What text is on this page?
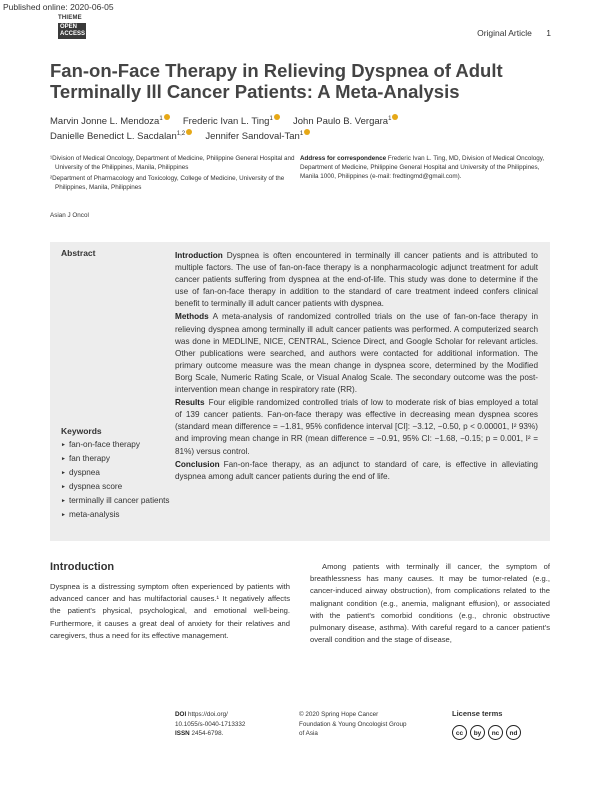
Published online: 2020-06-05
THIEME
OPEN
ACCESS	Original Article 1
Fan-on-Face Therapy in Relieving Dyspnea of Adult Terminally Ill Cancer Patients: A Meta-Analysis
Marvin Jonne L. Mendoza$^1$ Frederic Ivan L. Ting$^1$ John Paulo B. Vergara$^1$
Danielle Benedict L. Sacdalan$^{1,2}$ Jennifer Sandoval-Tan$^1$

¹Division of Medical Oncology, Department of Medicine, Philippine General Hospital and University of the Philippines, Manila, Philippines

²Department of Pharmacology and Toxicology, College of Medicine, University of the Philippines, Manila, Philippines

Address for correspondence Frederic Ivan L. Ting, MD, Division of Medical Oncology, Department of Medicine, Philippine General Hospital and University of the Philippines, Manila 1000, Philippines (e-mail: fredtingmd@gmail.com).
Asian J Oncol
Abstract	Introduction Dyspnea is often encountered in terminally ill cancer patients and is attributed to multiple factors. The use of fan-on-face therapy is a nonpharmacologic adjunct treatment for adult cancer patients suffering from dyspnea at the end-of-life. This study was done to determine if the use of fan-on-face therapy in addition to the standard of care treatment indeed confers clinical benefit to terminally ill adult cancer patients with dyspnea.

Methods A meta-analysis of randomized controlled trials on the use of fan-on-face therapy in relieving dyspnea among terminally ill adult cancer patients was performed. A computerized search was done in MEDLINE, NICE, CENTRAL, Science Direct, and Google Scholar for relevant articles. Other publications were searched, and authors were contacted for additional information. The primary outcome measure was the mean change in dyspnea score, determined by the Modified Borg Scale, Numeric Rating Scale, or Visual Analog Scale. The secondary outcome was the post-intervention mean change in respiratory rate (RR).

Results Four eligible randomized controlled trials of low to moderate risk of bias employed a total of 139 cancer patients. Fan-on-face therapy was effective in decreasing mean dyspnea scores (standard mean difference = −1.81, 95% confidence interval [CI]: −3.12, −0.50, p < 0.00001, I² 93%) and improving mean change in RR (mean difference = −0.91, 95% CI: −1.68, −0.15; p = 0.001, I² = 81%) versus control.

Conclusion Fan-on-face therapy, as an adjunct to standard of care, is effective in alleviating dyspnea among adult cancer patients during the end of life.

Keywords
► fan-on-face therapy
► fan therapy
► dyspnea
► dyspnea score
► terminally ill cancer patients
► meta-analysis
Introduction
Dyspnea is a distressing symptom often experienced by patients with advanced cancer and has multifactorial causes.¹ It negatively affects the patient's physical, psychological, and emotional well-being. Furthermore, it causes a great deal of anxiety for their relatives and caregivers, thus a need for its effective management.
Among patients with terminally ill cancer, the symptom of breathlessness has many causes. It may be tumor-related (e.g., cancer-induced airway obstruction), from complications related to the malignant condition (e.g., anemia, malignant effusion), or associated with the patient's comorbid conditions (e.g., chronic obstructive pulmonary disease, asthma). With careful regard to a cancer patient's overall condition and the stage of disease,
DOI https://doi.org/
10.1055/s-0040-1713332
ISSN 2454-6798.
© 2020 Spring Hope Cancer Foundation & Young Oncologist Group of Asia
License terms
cc	by	nc	nd
